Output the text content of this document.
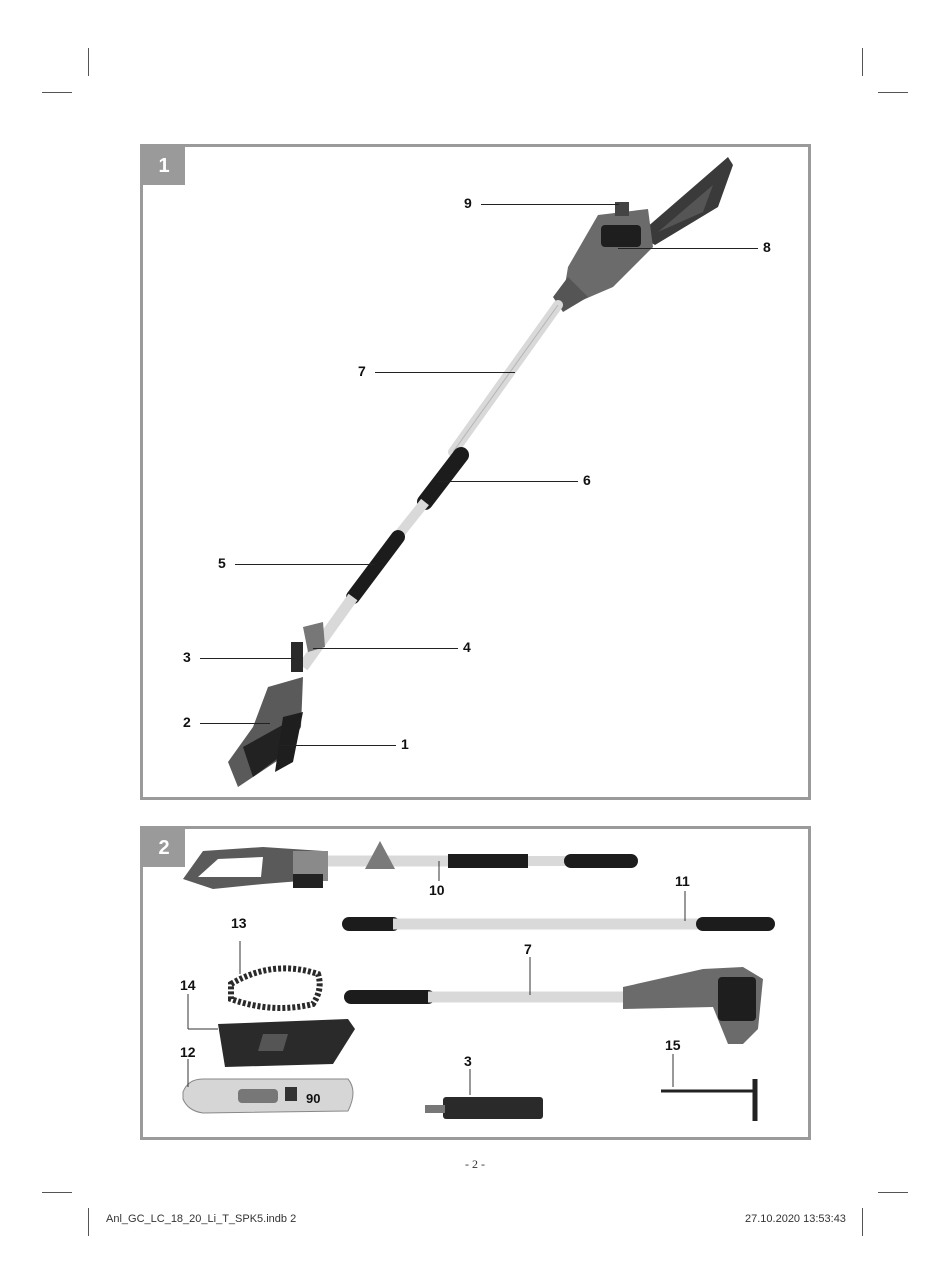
1
9
8
7
6
5
4
3
2
1
2
10
11
13
7
14
12
3
15
90
- 2 -
Anl_GC_LC_18_20_Li_T_SPK5.indb 2	27.10.2020 13:53:43
